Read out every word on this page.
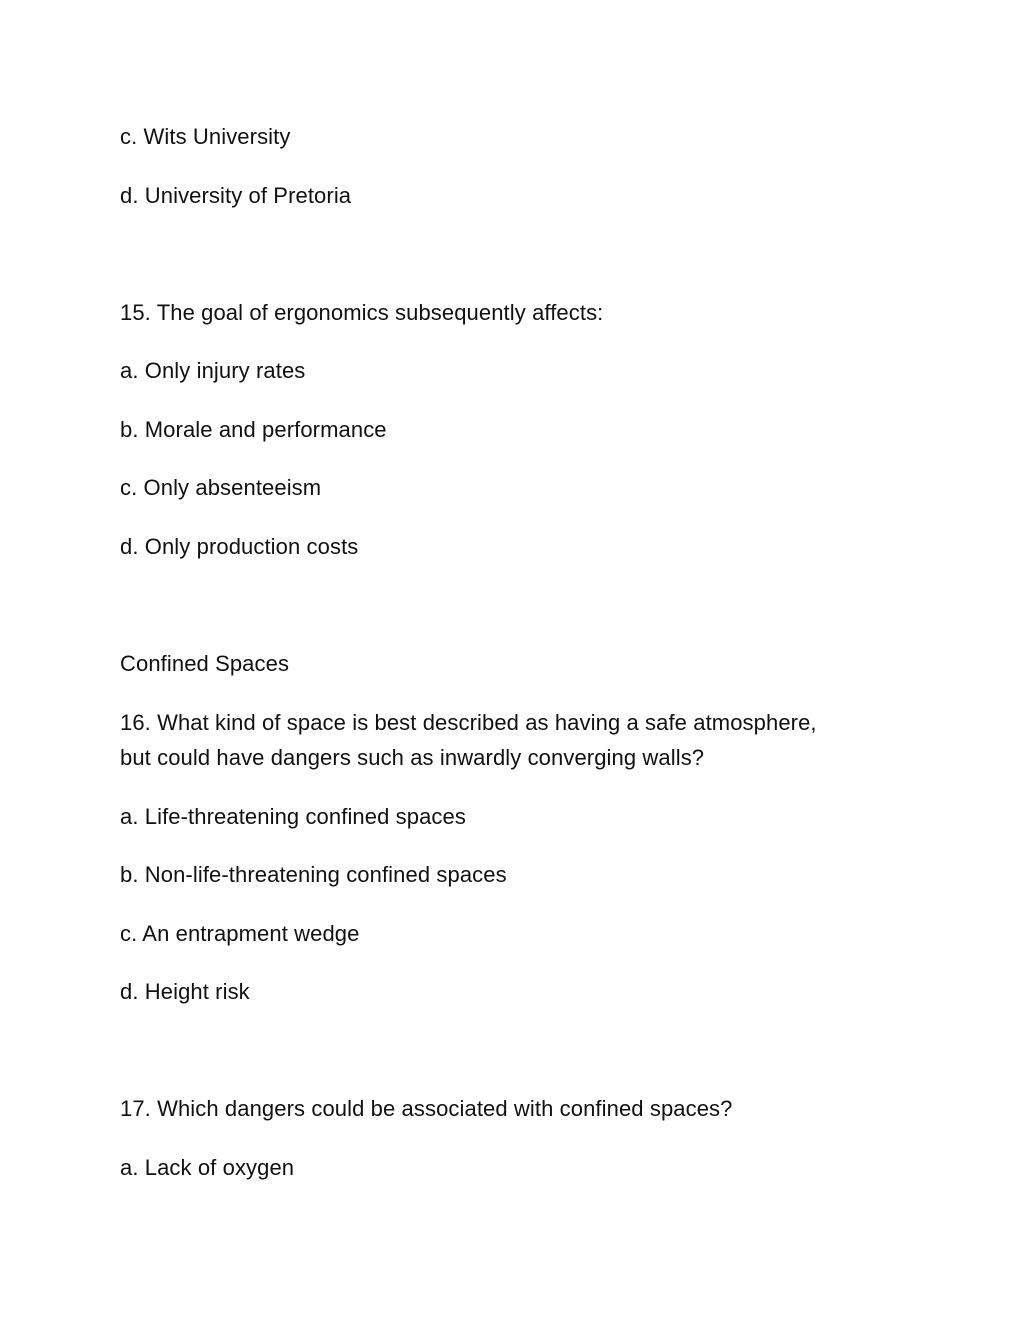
c. Wits University
d. University of Pretoria
15. The goal of ergonomics subsequently affects:
a. Only injury rates
b. Morale and performance
c. Only absenteeism
d. Only production costs
Confined Spaces
16. What kind of space is best described as having a safe atmosphere,
but could have dangers such as inwardly converging walls?
a. Life-threatening confined spaces
b. Non-life-threatening confined spaces
c. An entrapment wedge
d. Height risk
17. Which dangers could be associated with confined spaces?
a. Lack of oxygen
